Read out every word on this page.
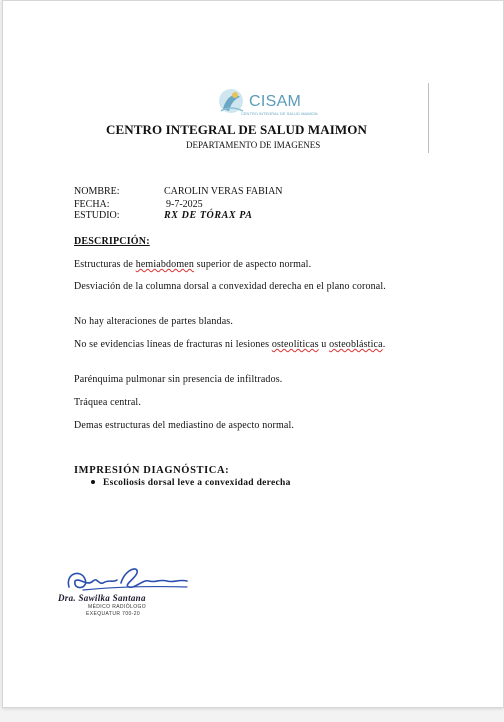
CISAM
CENTRO INTEGRAL DE SALUD MAIMON
CENTRO INTEGRAL DE SALUD MAIMON
DEPARTAMENTO DE IMAGENES
NOMBRE:	CAROLIN VERAS FABIAN
FECHA:	9-7-2025
ESTUDIO:	RX DE TÓRAX PA
DESCRIPCIÓN:
Estructuras de hemiabdomen superior de aspecto normal.
Desviación de la columna dorsal a convexidad derecha en el plano coronal.
No hay alteraciones de partes blandas.
No se evidencias líneas de fracturas ni lesiones osteolíticas u osteoblástica.
Parénquima pulmonar sin presencia de infiltrados.
Tráquea central.
Demas estructuras del mediastino de aspecto normal.
IMPRESIÓN DIAGNÓSTICA:
Escoliosis dorsal leve a convexidad derecha
Dra. Sawilka Santana
MÉDICO RADIÓLOGO
EXEQUATUR 700-20
